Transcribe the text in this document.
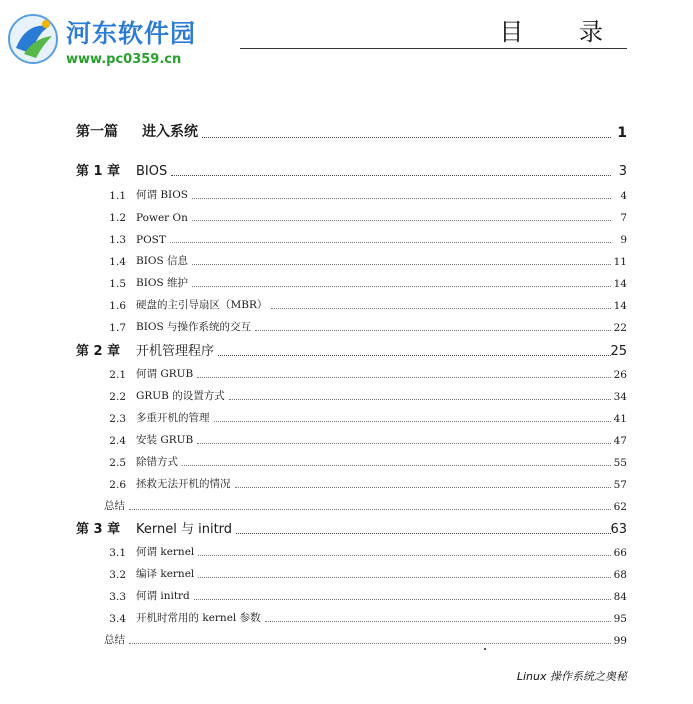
河东软件园
www.pc0359.cn
目 录
第一篇 进入系统	1
第 1 章 BIOS	3
1.1 何谓 BIOS	4
1.2 Power On	7
1.3 POST	9
1.4 BIOS 信息	11
1.5 BIOS 维护	14
1.6 硬盘的主引导扇区（MBR）	14
1.7 BIOS 与操作系统的交互	22
第 2 章 开机管理程序	25
2.1 何谓 GRUB	26
2.2 GRUB 的设置方式	34
2.3 多重开机的管理	41
2.4 安装 GRUB	47
2.5 除错方式	55
2.6 拯救无法开机的情况	57
总结	62
第 3 章 Kernel 与 initrd	63
3.1 何谓 kernel	66
3.2 编译 kernel	68
3.3 何谓 initrd	84
3.4 开机时常用的 kernel 参数	95
总结	99
Linux 操作系统之奥秘
